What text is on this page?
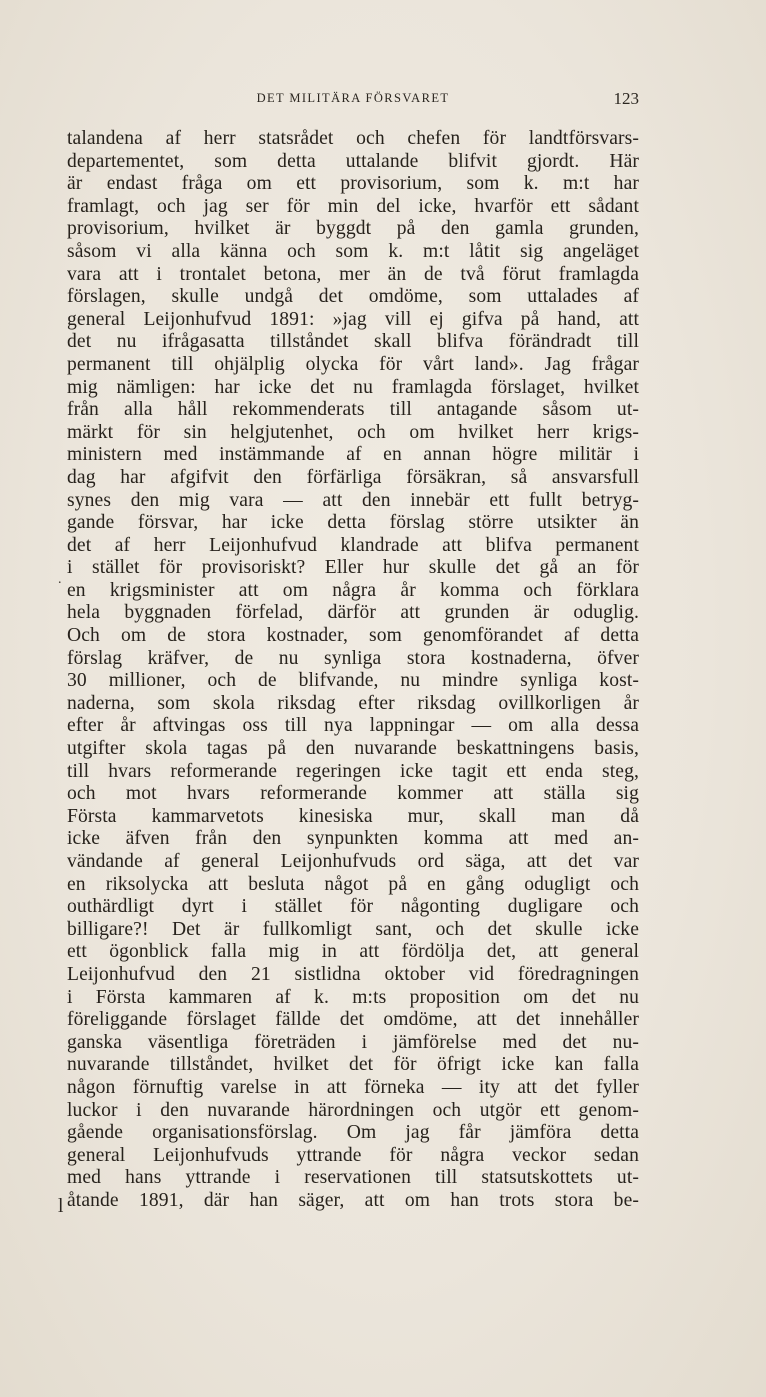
DET MILITÄRA FÖRSVARET	123
.
l
talandena af herr statsrådet och chefen för landtförsvars-
departementet, som detta uttalande blifvit gjordt. Här
är endast fråga om ett provisorium, som k. m:t har
framlagt, och jag ser för min del icke, hvarför ett sådant
provisorium, hvilket är byggdt på den gamla grunden,
såsom vi alla känna och som k. m:t låtit sig angeläget
vara att i trontalet betona, mer än de två förut framlagda
förslagen, skulle undgå det omdöme, som uttalades af
general Leijonhufvud 1891: »jag vill ej gifva på hand, att
det nu ifrågasatta tillståndet skall blifva förändradt till
permanent till ohjälplig olycka för vårt land». Jag frågar
mig nämligen: har icke det nu framlagda förslaget, hvilket
från alla håll rekommenderats till antagande såsom ut-
märkt för sin helgjutenhet, och om hvilket herr krigs-
ministern med instämmande af en annan högre militär i
dag har afgifvit den förfärliga försäkran, så ansvarsfull
synes den mig vara — att den innebär ett fullt betryg-
gande försvar, har icke detta förslag större utsikter än
det af herr Leijonhufvud klandrade att blifva permanent
i stället för provisoriskt? Eller hur skulle det gå an för
en krigsminister att om några år komma och förklara
hela byggnaden förfelad, därför att grunden är oduglig.
Och om de stora kostnader, som genomförandet af detta
förslag kräfver, de nu synliga stora kostnaderna, öfver
30 millioner, och de blifvande, nu mindre synliga kost-
naderna, som skola riksdag efter riksdag ovillkorligen år
efter år aftvingas oss till nya lappningar — om alla dessa
utgifter skola tagas på den nuvarande beskattningens basis,
till hvars reformerande regeringen icke tagit ett enda steg,
och mot hvars reformerande kommer att ställa sig
Första kammarvetots kinesiska mur, skall man då
icke äfven från den synpunkten komma att med an-
vändande af general Leijonhufvuds ord säga, att det var
en riksolycka att besluta något på en gång odugligt och
outhärdligt dyrt i stället för någonting dugligare och
billigare?! Det är fullkomligt sant, och det skulle icke
ett ögonblick falla mig in att fördölja det, att general
Leijonhufvud den 21 sistlidna oktober vid föredragningen
i Första kammaren af k. m:ts proposition om det nu
föreliggande förslaget fällde det omdöme, att det innehåller
ganska väsentliga företräden i jämförelse med det nu-
nuvarande tillståndet, hvilket det för öfrigt icke kan falla
någon förnuftig varelse in att förneka — ity att det fyller
luckor i den nuvarande härordningen och utgör ett genom-
gående organisationsförslag. Om jag får jämföra detta
general Leijonhufvuds yttrande för några veckor sedan
med hans yttrande i reservationen till statsutskottets ut-
åtande 1891, där han säger, att om han trots stora be-
